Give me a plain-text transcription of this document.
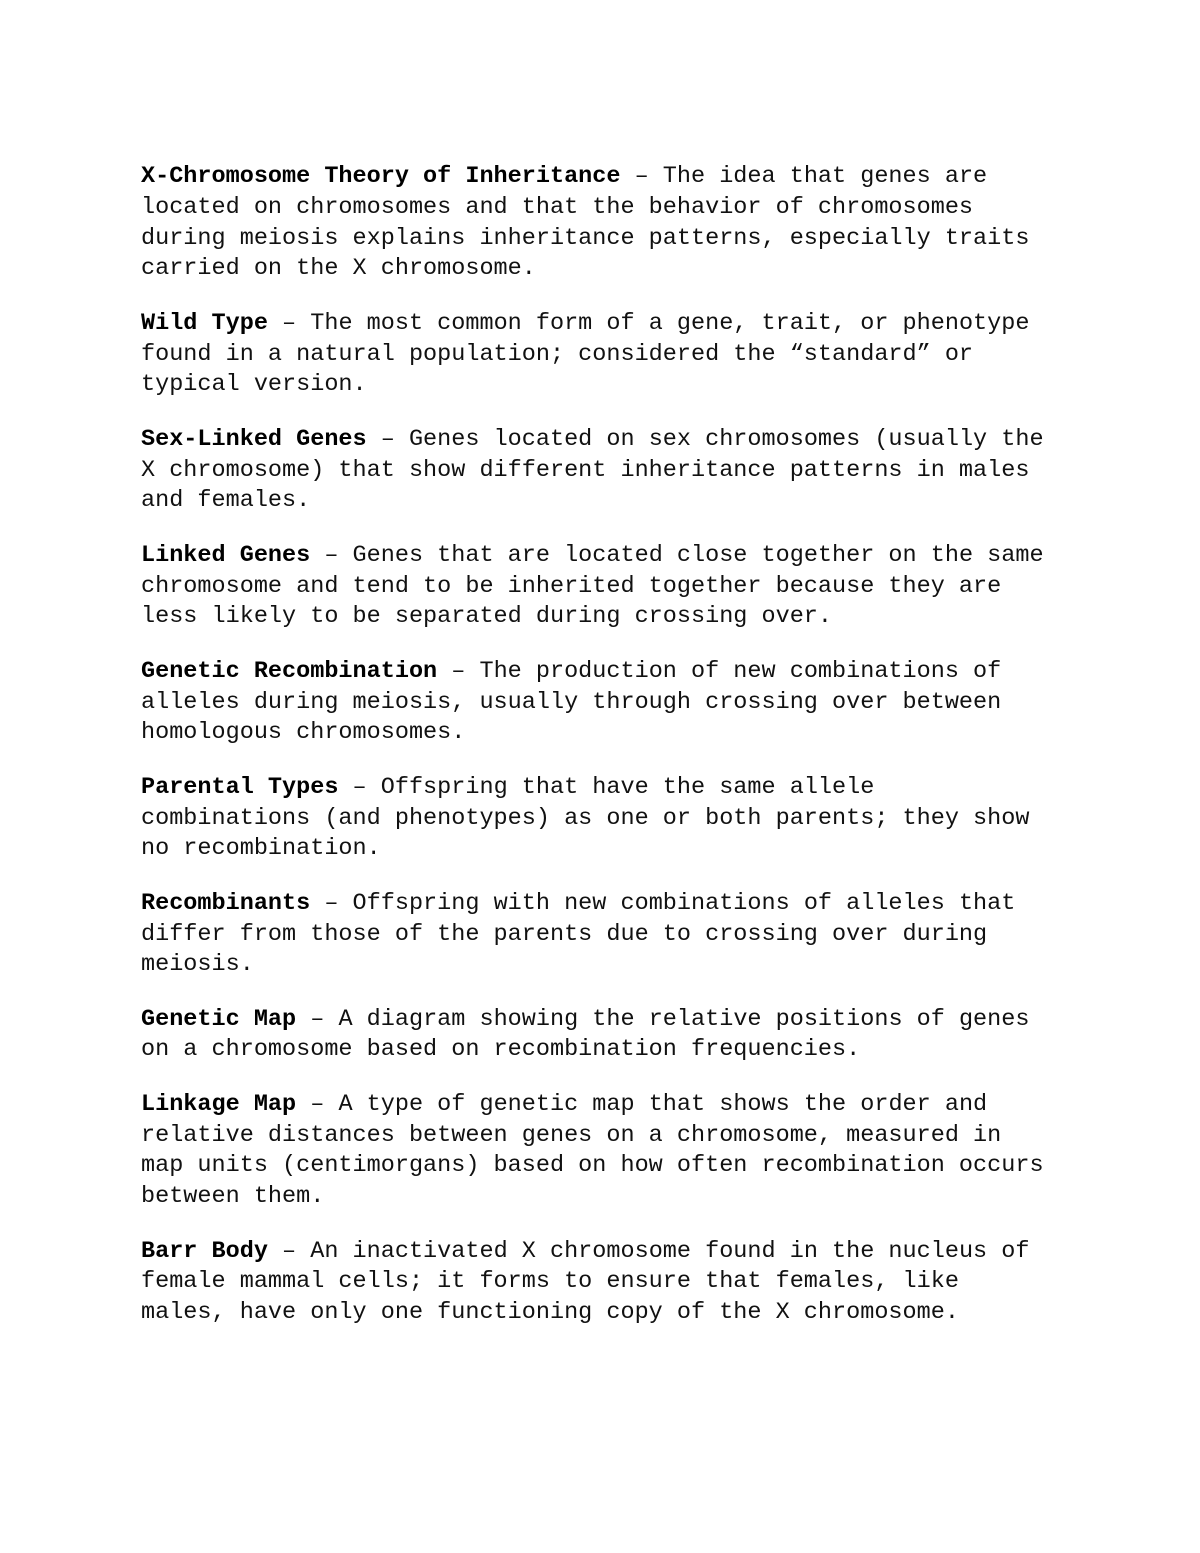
X-Chromosome Theory of Inheritance – The idea that genes are
located on chromosomes and that the behavior of chromosomes
during meiosis explains inheritance patterns, especially traits
carried on the X chromosome.
Wild Type – The most common form of a gene, trait, or phenotype
found in a natural population; considered the “standard” or
typical version.
Sex-Linked Genes – Genes located on sex chromosomes (usually the
X chromosome) that show different inheritance patterns in males
and females.
Linked Genes – Genes that are located close together on the same
chromosome and tend to be inherited together because they are
less likely to be separated during crossing over.
Genetic Recombination – The production of new combinations of
alleles during meiosis, usually through crossing over between
homologous chromosomes.
Parental Types – Offspring that have the same allele
combinations (and phenotypes) as one or both parents; they show
no recombination.
Recombinants – Offspring with new combinations of alleles that
differ from those of the parents due to crossing over during
meiosis.
Genetic Map – A diagram showing the relative positions of genes
on a chromosome based on recombination frequencies.
Linkage Map – A type of genetic map that shows the order and
relative distances between genes on a chromosome, measured in
map units (centimorgans) based on how often recombination occurs
between them.
Barr Body – An inactivated X chromosome found in the nucleus of
female mammal cells; it forms to ensure that females, like
males, have only one functioning copy of the X chromosome.
